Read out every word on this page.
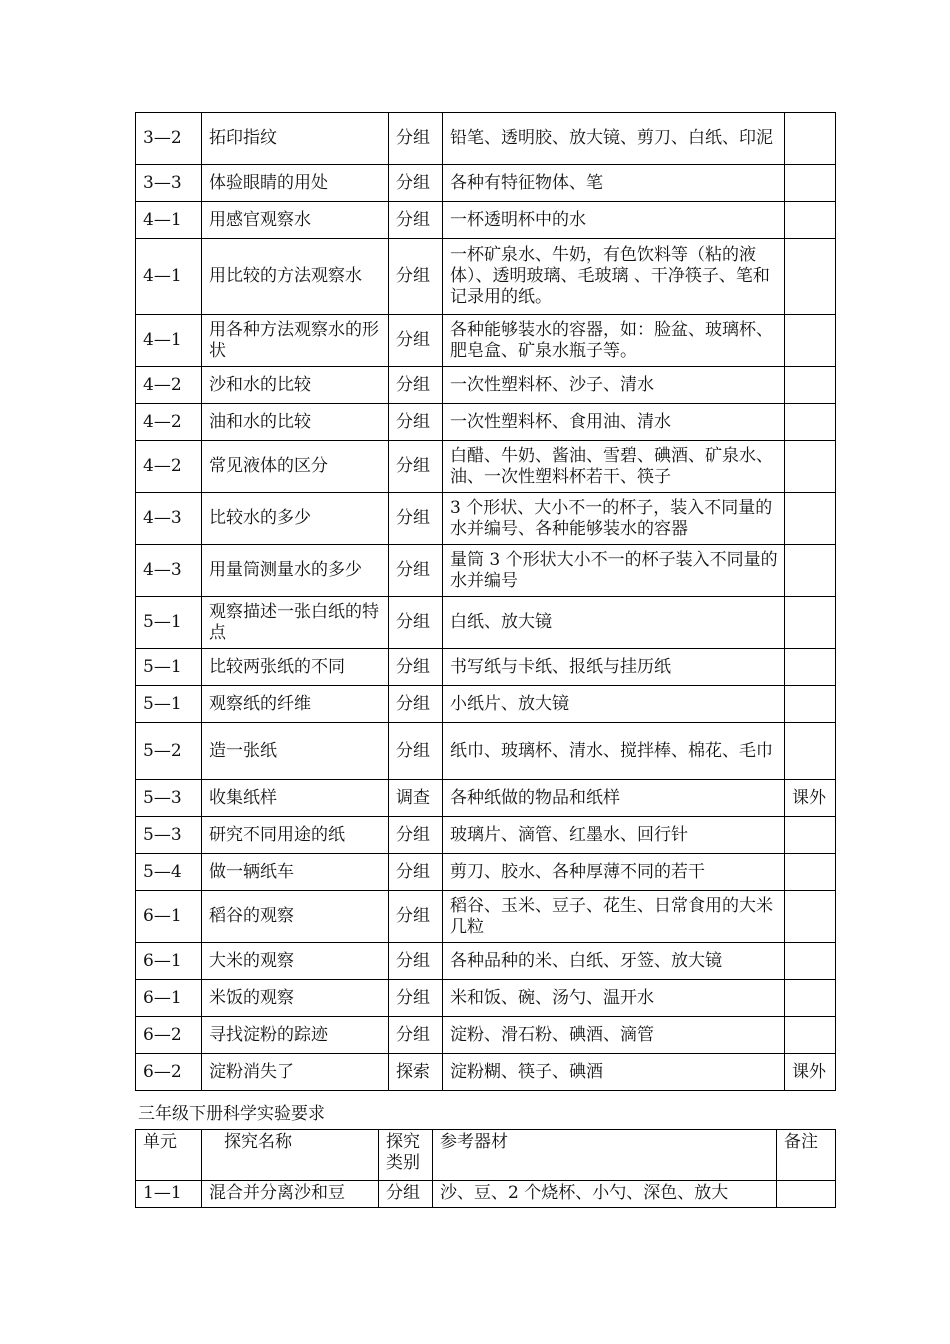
3—2	拓印指纹	分组	铅笔、透明胶、放大镜、剪刀、白纸、印泥	
3—3	体验眼睛的用处	分组	各种有特征物体、笔	
4—1	用感官观察水	分组	一杯透明杯中的水	
4—1	用比较的方法观察水	分组	一杯矿泉水、牛奶，有色饮料等（粘的液体）、透明玻璃、毛玻璃 、干净筷子、笔和记录用的纸。	
4—1	用各种方法观察水的形状	分组	各种能够装水的容器，如：脸盆、玻璃杯、肥皂盒、矿泉水瓶子等。	
4—2	沙和水的比较	分组	一次性塑料杯、沙子、清水	
4—2	油和水的比较	分组	一次性塑料杯、食用油、清水	
4—2	常见液体的区分	分组	白醋、牛奶、酱油、雪碧、碘酒、矿泉水、油、一次性塑料杯若干、筷子	
4—3	比较水的多少	分组	3 个形状、大小不一的杯子，装入不同量的水并编号、各种能够装水的容器	
4—3	用量筒测量水的多少	分组	量筒 3 个形状大小不一的杯子装入不同量的水并编号	
5—1	观察描述一张白纸的特点	分组	白纸、放大镜	
5—1	比较两张纸的不同	分组	书写纸与卡纸、报纸与挂历纸	
5—1	观察纸的纤维	分组	小纸片、放大镜	
5—2	造一张纸	分组	纸巾、玻璃杯、清水、搅拌棒、棉花、毛巾	
5—3	收集纸样	调查	各种纸做的物品和纸样	课外
5—3	研究不同用途的纸	分组	玻璃片、滴管、红墨水、回行针	
5—4	做一辆纸车	分组	剪刀、胶水、各种厚薄不同的若干	
6—1	稻谷的观察	分组	稻谷、玉米、豆子、花生、日常食用的大米几粒	
6—1	大米的观察	分组	各种品种的米、白纸、牙签、放大镜	
6—1	米饭的观察	分组	米和饭、碗、汤勺、温开水	
6—2	寻找淀粉的踪迹	分组	淀粉、滑石粉、碘酒、滴管	
6—2	淀粉消失了	探索	淀粉糊、筷子、碘酒	课外
三年级下册科学实验要求
单元	探究名称	探究类别	参考器材	备注
1—1	混合并分离沙和豆	分组	沙、豆、2 个烧杯、小勺、深色、放大	
